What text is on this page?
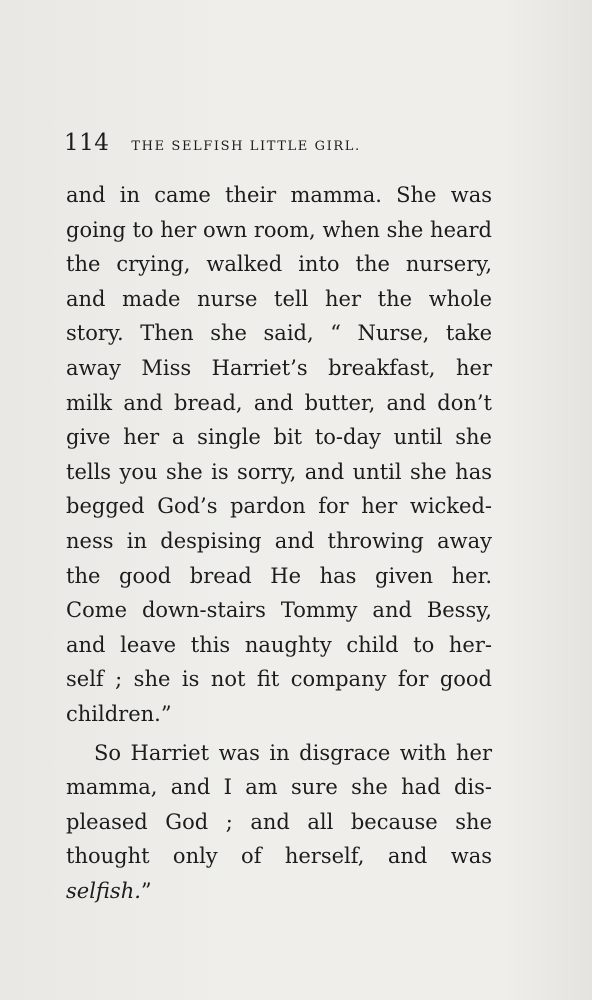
114 THE SELFISH LITTLE GIRL.
and in came their mamma. She was
going to her own room, when she heard
the crying, walked into the nursery,
and made nurse tell her the whole
story. Then she said, “ Nurse, take
away Miss Harriet’s breakfast, her
milk and bread, and butter, and don’t
give her a single bit to-day until she
tells you she is sorry, and until she has
begged God’s pardon for her wicked-
ness in despising and throwing away
the good bread He has given her.
Come down-stairs Tommy and Bessy,
and leave this naughty child to her-
self ; she is not fit company for good
children.”
So Harriet was in disgrace with her
mamma, and I am sure she had dis-
pleased God ; and all because she
thought only of herself, and was
selfish.”
